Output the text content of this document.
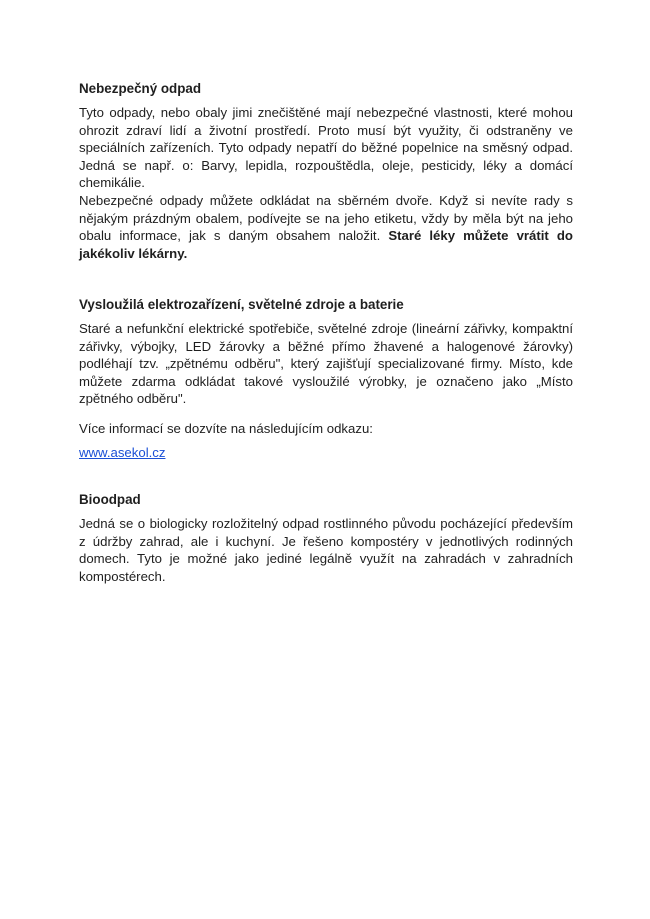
Nebezpečný odpad

Tyto odpady, nebo obaly jimi znečištěné mají nebezpečné vlastnosti, které mohou ohrozit zdraví lidí a životní prostředí. Proto musí být využity, či odstraněny ve speciálních zařízeních. Tyto odpady nepatří do běžné popelnice na směsný odpad. Jedná se např. o: Barvy, lepidla, rozpouštědla, oleje, pesticidy, léky a domácí chemikálie.

Nebezpečné odpady můžete odkládat na sběrném dvoře. Když si nevíte rady s nějakým prázdným obalem, podívejte se na jeho etiketu, vždy by měla být na jeho obalu informace, jak s daným obsahem naložit. Staré léky můžete vrátit do jakékoliv lékárny.

Vysloužilá elektrozařízení, světelné zdroje a baterie

Staré a nefunkční elektrické spotřebiče, světelné zdroje (lineární zářivky, kompaktní zářivky, výbojky, LED žárovky a běžné přímo žhavené a halogenové žárovky) podléhají tzv. „zpětnému odběru", který zajišťují specializované firmy. Místo, kde můžete zdarma odkládat takové vysloužilé výrobky, je označeno jako „Místo zpětného odběru".

Více informací se dozvíte na následujícím odkazu:

www.asekol.cz
Bioodpad

Jedná se o biologicky rozložitelný odpad rostlinného původu pocházející především z údržby zahrad, ale i kuchyní. Je řešeno kompostéry v jednotlivých rodinných domech. Tyto je možné jako jediné legálně využít na zahradách v zahradních kompostérech.
